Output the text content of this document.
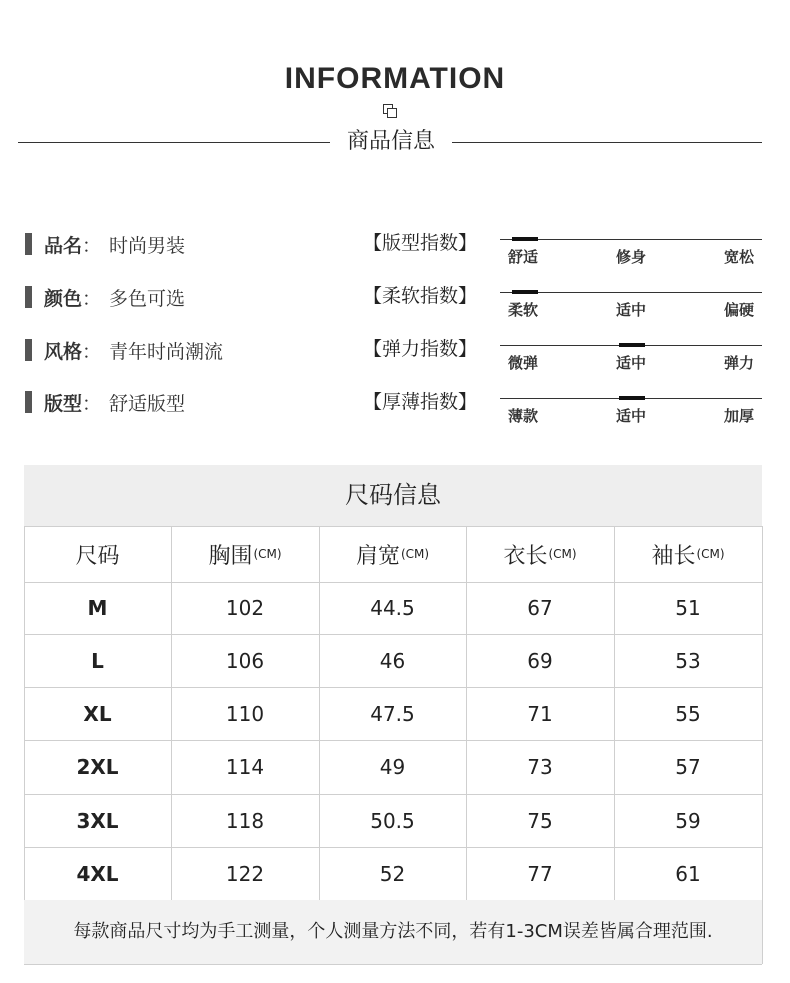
INFORMATION
商品信息
品名 ： 时尚男装
颜色 ： 多色可选
风格 ： 青年时尚潮流
版型 ： 舒适版型
【版型指数】
【柔软指数】
【弹力指数】
【厚薄指数】
舒适	修身	宽松
柔软	适中	偏硬
微弹	适中	弹力
薄款	适中	加厚
尺码信息
尺码	胸围 (CM)	肩宽 (CM)	衣长 (CM)	袖长 (CM)
M	102	44.5	67	51
L	106	46	69	53
XL	110	47.5	71	55
2XL	114	49	73	57
3XL	118	50.5	75	59
4XL	122	52	77	61
每款商品尺寸均为手工测量，个人测量方法不同，若有1-3CM误差皆属合理范围.
